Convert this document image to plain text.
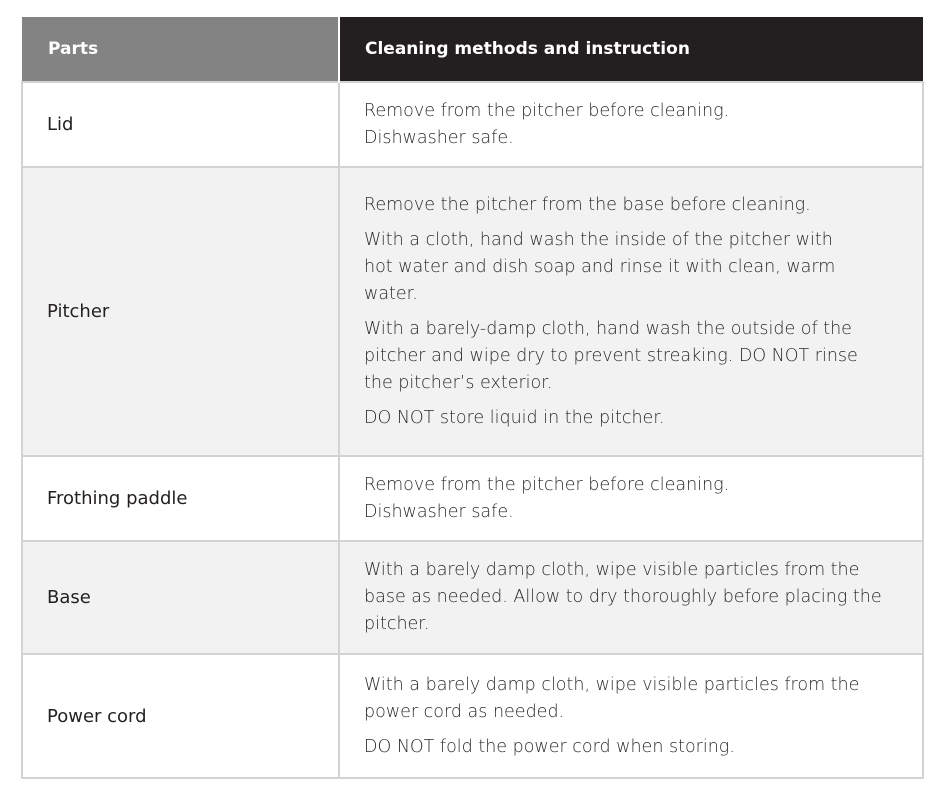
Parts	Cleaning methods and instruction
Lid	Remove from the pitcher before cleaning. Dishwasher safe.

Pitcher	Remove the pitcher from the base before cleaning.

With a cloth, hand wash the inside of the pitcher with hot water and dish soap and rinse it with clean, warm water.

With a barely-damp cloth, hand wash the outside of the pitcher and wipe dry to prevent streaking. DO NOT rinse the pitcher’s exterior.

DO NOT store liquid in the pitcher.

Frothing paddle	Remove from the pitcher before cleaning. Dishwasher safe.

Base	With a barely damp cloth, wipe visible particles from the base as needed. Allow to dry thoroughly before placing the pitcher.

Power cord	With a barely damp cloth, wipe visible particles from the power cord as needed.

DO NOT fold the power cord when storing.
